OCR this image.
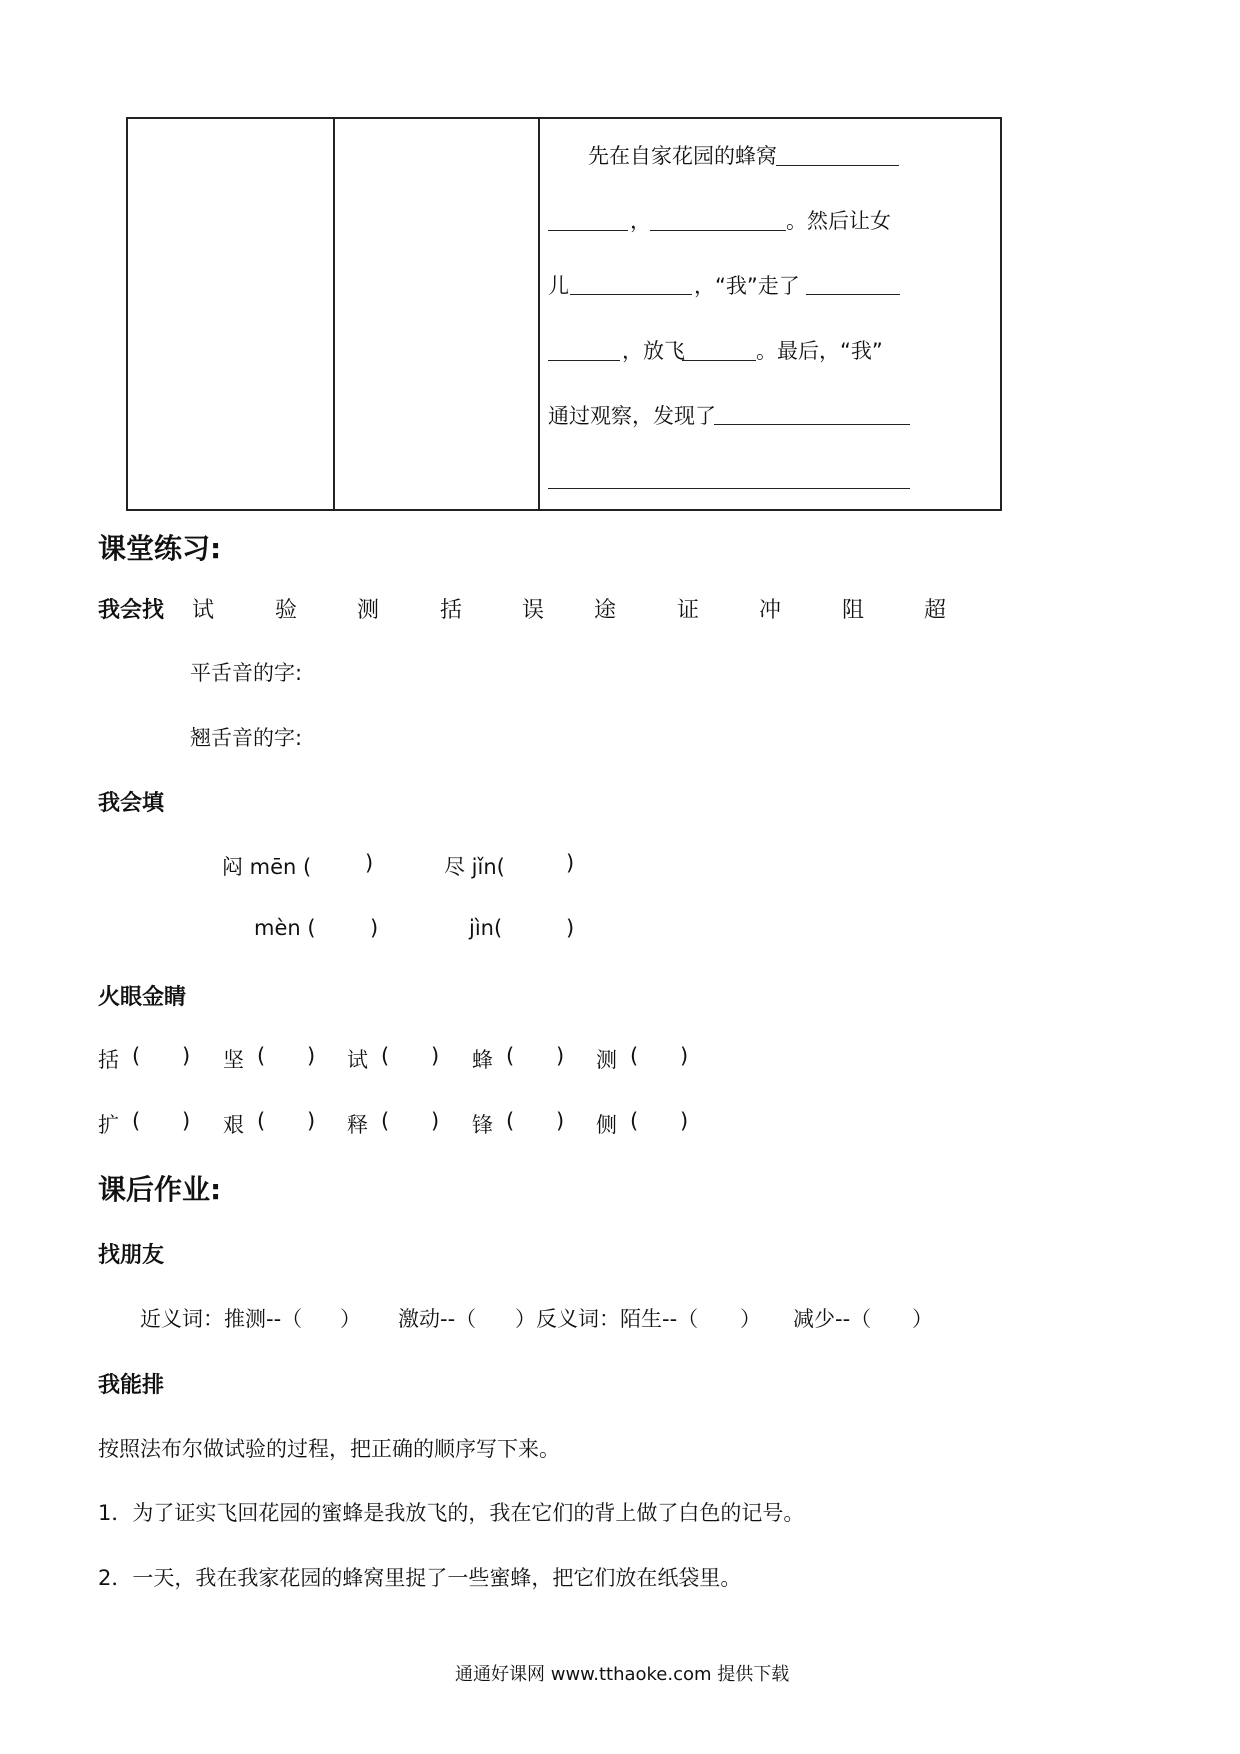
先在自家花园的蜂窝
，	。然后让女
儿	，“我”走了
，放飞	。最后，“我”
通过观察，发现了
课堂练习:
我会找 试	验	测	括	误 途	证	冲	阻	超
平舌音的字:
翘舌音的字:
我会填
闷 mēn (	)	尽 jǐn(	)
mèn (	)	jìn(	)
火眼金睛
括 ( ) 坚 ( ) 试 ( ) 蜂 ( ) 测 ( )
扩 ( ) 艰 ( ) 释 ( ) 锋 ( ) 侧 ( )
课后作业:
找朋友
近义词：推测--（ ） 激动--（ ）反义词：陌生--（ ） 减少--（ ）
我能排
按照法布尔做试验的过程，把正确的顺序写下来。
1．为了证实飞回花园的蜜蜂是我放飞的，我在它们的背上做了白色的记号。
2．一天，我在我家花园的蜂窝里捉了一些蜜蜂，把它们放在纸袋里。
通通好课网 www.tthaoke.com 提供下载
